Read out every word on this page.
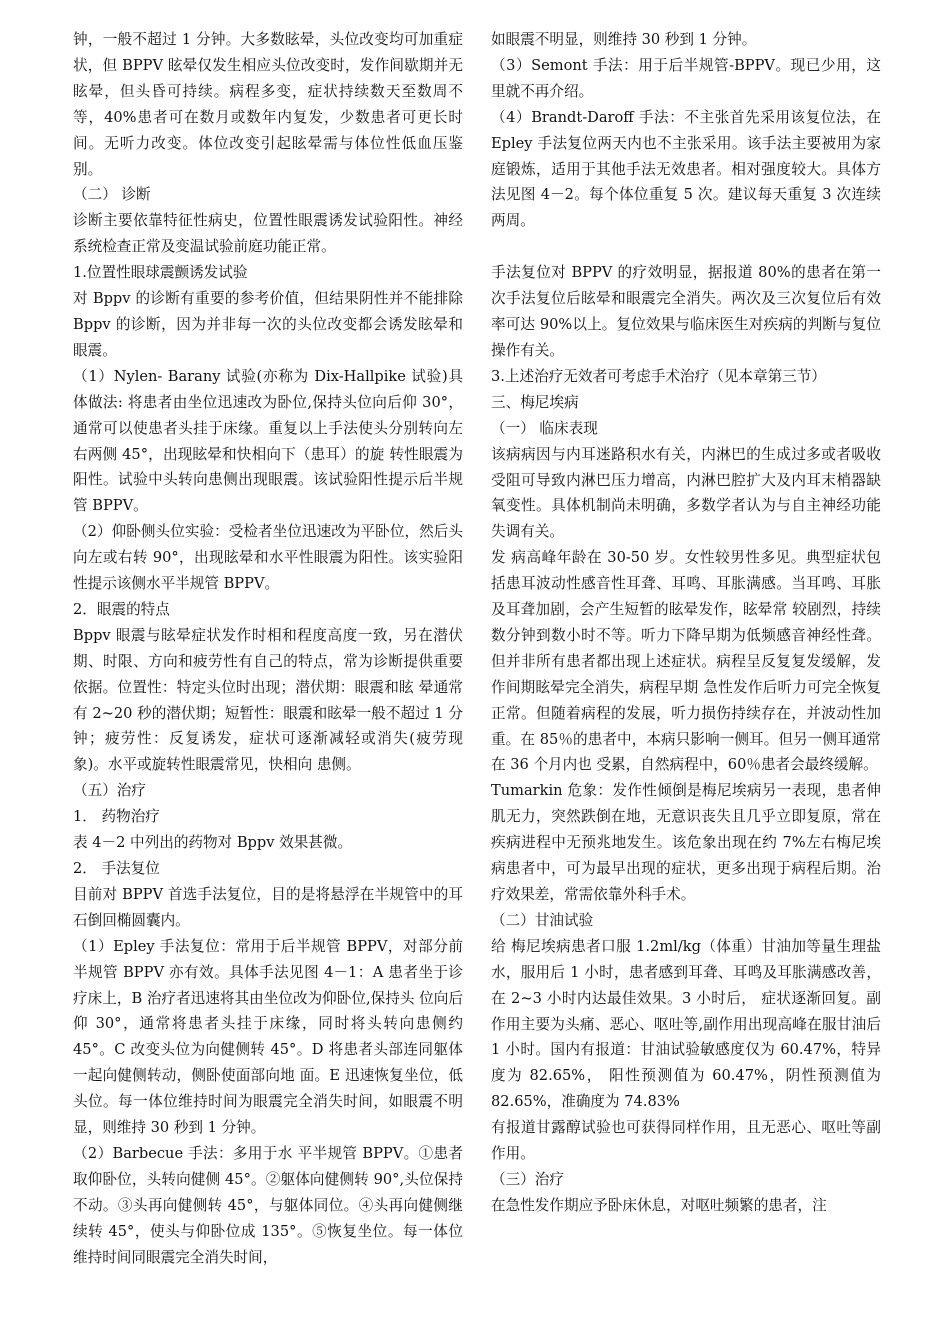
钟，一般不超过 1 分钟。大多数眩晕，头位改变均可加重症状，但 BPPV 眩晕仅发生相应头位改变时，发作间歇期并无眩晕，但头昏可持续。病程多变，症状持续数天至数周不等，40%患者可在数月或数年内复发，少数患者可更长时间。无听力改变。体位改变引起眩晕需与体位性低血压鉴别。

（二） 诊断

诊断主要依靠特征性病史，位置性眼震诱发试验阳性。神经系统检查正常及变温试验前庭功能正常。

1.位置性眼球震颤诱发试验

对 Bppv 的诊断有重要的参考价值，但结果阴性并不能排除 Bppv 的诊断，因为并非每一次的头位改变都会诱发眩晕和眼震。

（1）Nylen- Barany 试验(亦称为 Dix-Hallpike 试验)具体做法: 将患者由坐位迅速改为卧位,保持头位向后仰 30°，通常可以使患者头挂于床缘。重复以上手法使头分别转向左右两侧 45°，出现眩晕和快相向下（患耳）的旋 转性眼震为阳性。试验中头转向患侧出现眼震。该试验阳性提示后半规管 BPPV。

（2）仰卧侧头位实验：受检者坐位迅速改为平卧位，然后头向左或右转 90°，出现眩晕和水平性眼震为阳性。该实验阳性提示该侧水平半规管 BPPV。

2．眼震的特点

Bppv 眼震与眩晕症状发作时相和程度高度一致，另在潜伏期、时限、方向和疲劳性有自己的特点，常为诊断提供重要依据。位置性：特定头位时出现；潜伏期：眼震和眩 晕通常有 2~20 秒的潜伏期；短暂性：眼震和眩晕一般不超过 1 分钟；疲劳性：反复诱发，症状可逐渐减轻或消失(疲劳现象)。水平或旋转性眼震常见，快相向 患侧。

（五）治疗

1． 药物治疗

表 4－2 中列出的药物对 Bppv 效果甚微。

2． 手法复位

目前对 BPPV 首选手法复位，目的是将悬浮在半规管中的耳石倒回椭圆囊内。

（1）Epley 手法复位：常用于后半规管 BPPV，对部分前半规管 BPPV 亦有效。具体手法见图 4－1：A 患者坐于诊疗床上，B 治疗者迅速将其由坐位改为仰卧位,保持头 位向后仰 30°，通常将患者头挂于床缘，同时将头转向患侧约 45°。C 改变头位为向健侧转 45°。D 将患者头部连同躯体一起向健侧转动，侧卧使面部向地 面。E 迅速恢复坐位，低头位。每一体位维持时间为眼震完全消失时间，如眼震不明显，则维持 30 秒到 1 分钟。

（2）Barbecue 手法：多用于水 平半规管 BPPV。①患者取仰卧位，头转向健侧 45°。②躯体向健侧转 90°,头位保持不动。③头再向健侧转 45°，与躯体同位。④头再向健侧继续转 45°，使头与仰卧位成 135°。⑤恢复坐位。每一体位维持时间同眼震完全消失时间，

如眼震不明显，则维持 30 秒到 1 分钟。

（3）Semont 手法：用于后半规管-BPPV。现已少用，这里就不再介绍。

（4）Brandt-Daroff 手法：不主张首先采用该复位法，在 Epley 手法复位两天内也不主张采用。该手法主要被用为家庭锻炼，适用于其他手法无效患者。相对强度较大。具体方法见图 4－2。每个体位重复 5 次。建议每天重复 3 次连续两周。

手法复位对 BPPV 的疗效明显，据报道 80%的患者在第一次手法复位后眩晕和眼震完全消失。两次及三次复位后有效率可达 90%以上。复位效果与临床医生对疾病的判断与复位操作有关。

3.上述治疗无效者可考虑手术治疗（见本章第三节）

三、梅尼埃病

（一） 临床表现

该病病因与内耳迷路积水有关，内淋巴的生成过多或者吸收受阻可导致内淋巴压力增高，内淋巴腔扩大及内耳末梢器缺氧变性。具体机制尚未明确，多数学者认为与自主神经功能失调有关。

发 病高峰年龄在 30-50 岁。女性较男性多见。典型症状包括患耳波动性感音性耳聋、耳鸣、耳胀满感。当耳鸣、耳胀及耳聋加剧，会产生短暂的眩晕发作，眩晕常 较剧烈，持续数分钟到数小时不等。听力下降早期为低频感音神经性聋。但并非所有患者都出现上述症状。病程呈反复复发缓解，发作间期眩晕完全消失，病程早期 急性发作后听力可完全恢复正常。但随着病程的发展，听力损伤持续存在，并波动性加重。在 85％的患者中，本病只影响一侧耳。但另一侧耳通常在 36 个月内也 受累，自然病程中，60％患者会最终缓解。

Tumarkin 危象：发作性倾倒是梅尼埃病另一表现，患者伸肌无力，突然跌倒在地，无意识丧失且几乎立即复原，常在疾病进程中无预兆地发生。该危象出现在约 7%左右梅尼埃病患者中，可为最早出现的症状，更多出现于病程后期。治疗效果差，常需依靠外科手术。

（二）甘油试验

给 梅尼埃病患者口服 1.2ml/kg（体重）甘油加等量生理盐水，服用后 1 小时，患者感到耳聋、耳鸣及耳胀满感改善，在 2~3 小时内达最佳效果。3 小时后， 症状逐渐回复。副作用主要为头痛、恶心、呕吐等,副作用出现高峰在服甘油后 1 小时。国内有报道：甘油试验敏感度仅为 60.47%，特异度为 82.65%， 阳性预测值为 60.47%，阴性预测值为 82.65%，准确度为 74.83%

有报道甘露醇试验也可获得同样作用，且无恶心、呕吐等副作用。

（三）治疗

在急性发作期应予卧床休息，对呕吐频繁的患者，注
